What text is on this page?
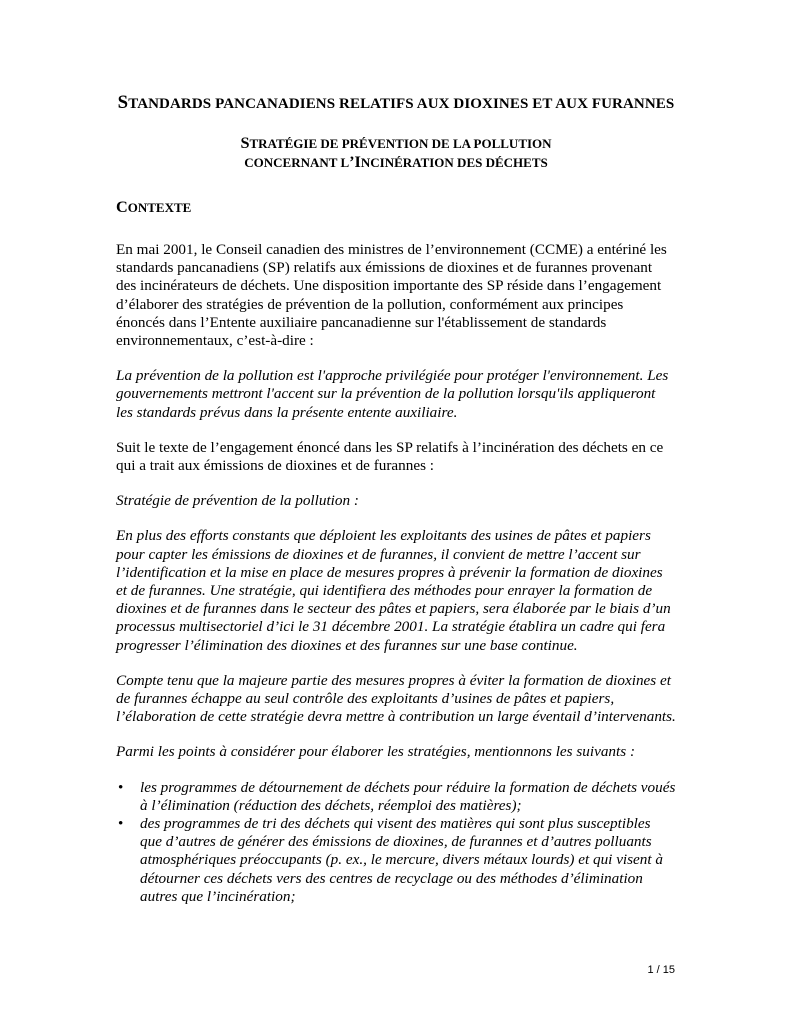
STANDARDS PANCANADIENS RELATIFS AUX DIOXINES ET AUX FURANNES
STRATÉGIE DE PRÉVENTION DE LA POLLUTION
CONCERNANT L’INCINÉRATION DES DÉCHETS
CONTEXTE

En mai 2001, le Conseil canadien des ministres de l’environnement (CCME) a entériné les standards pancanadiens (SP) relatifs aux émissions de dioxines et de furannes provenant des incinérateurs de déchets. Une disposition importante des SP réside dans l’engagement d’élaborer des stratégies de prévention de la pollution, conformément aux principes énoncés dans l’Entente auxiliaire pancanadienne sur l'établissement de standards environnementaux, c’est-à-dire :

La prévention de la pollution est l'approche privilégiée pour protéger l'environnement. Les gouvernements mettront l'accent sur la prévention de la pollution lorsqu'ils appliqueront les standards prévus dans la présente entente auxiliaire.

Suit le texte de l’engagement énoncé dans les SP relatifs à l’incinération des déchets en ce qui a trait aux émissions de dioxines et de furannes :

Stratégie de prévention de la pollution :

En plus des efforts constants que déploient les exploitants des usines de pâtes et papiers pour capter les émissions de dioxines et de furannes, il convient de mettre l’accent sur l’identification et la mise en place de mesures propres à prévenir la formation de dioxines et de furannes. Une stratégie, qui identifiera des méthodes pour enrayer la formation de dioxines et de furannes dans le secteur des pâtes et papiers, sera élaborée par le biais d’un processus multisectoriel d’ici le 31 décembre 2001. La stratégie établira un cadre qui fera progresser l’élimination des dioxines et des furannes sur une base continue.

Compte tenu que la majeure partie des mesures propres à éviter la formation de dioxines et de furannes échappe au seul contrôle des exploitants d’usines de pâtes et papiers, l’élaboration de cette stratégie devra mettre à contribution un large éventail d’intervenants.

Parmi les points à considérer pour élaborer les stratégies, mentionnons les suivants :

• les programmes de détournement de déchets pour réduire la formation de déchets voués à l’élimination (réduction des déchets, réemploi des matières);
• des programmes de tri des déchets qui visent des matières qui sont plus susceptibles que d’autres de générer des émissions de dioxines, de furannes et d’autres polluants atmosphériques préoccupants (p. ex., le mercure, divers métaux lourds) et qui visent à détourner ces déchets vers des centres de recyclage ou des méthodes d’élimination autres que l’incinération;
1 / 15
